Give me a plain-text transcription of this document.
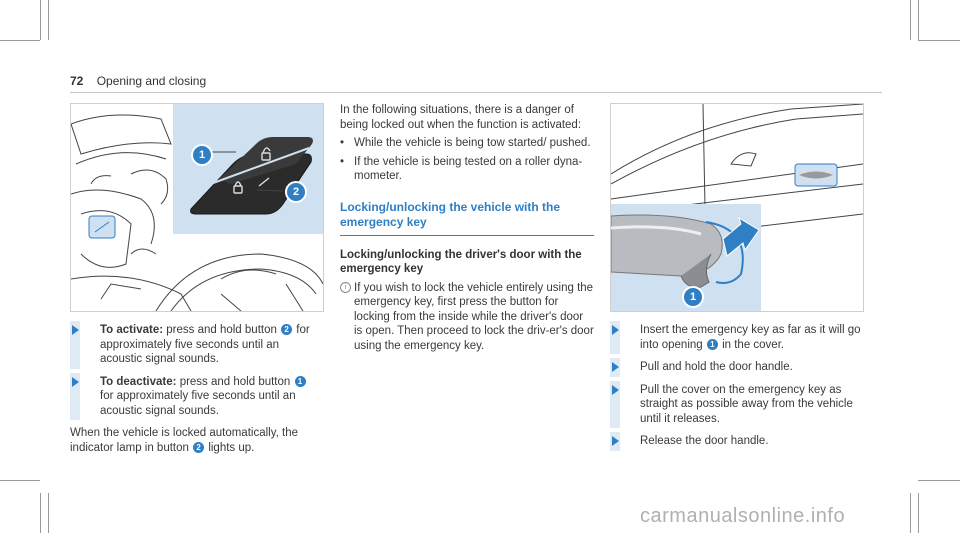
72 Opening and closing
1
2
To activate: press and hold button 2 for approximately five seconds until an acoustic signal sounds.
To deactivate: press and hold button 1 for approximately five seconds until an acoustic signal sounds.
When the vehicle is locked automatically, the indicator lamp in button 2 lights up.
In the following situations, there is a danger of being locked out when the function is activated:
• While the vehicle is being tow started/ pushed.
• If the vehicle is being tested on a roller dyna-mometer.
Locking/unlocking the vehicle with the emergency key
Locking/unlocking the driver's door with the emergency key
i If you wish to lock the vehicle entirely using the emergency key, first press the button for locking from the inside while the driver's door is open. Then proceed to lock the driv-er's door using the emergency key.
1
Insert the emergency key as far as it will go into opening 1 in the cover.
Pull and hold the door handle.
Pull the cover on the emergency key as straight as possible away from the vehicle until it releases.
Release the door handle.
carmanualsonline.info
